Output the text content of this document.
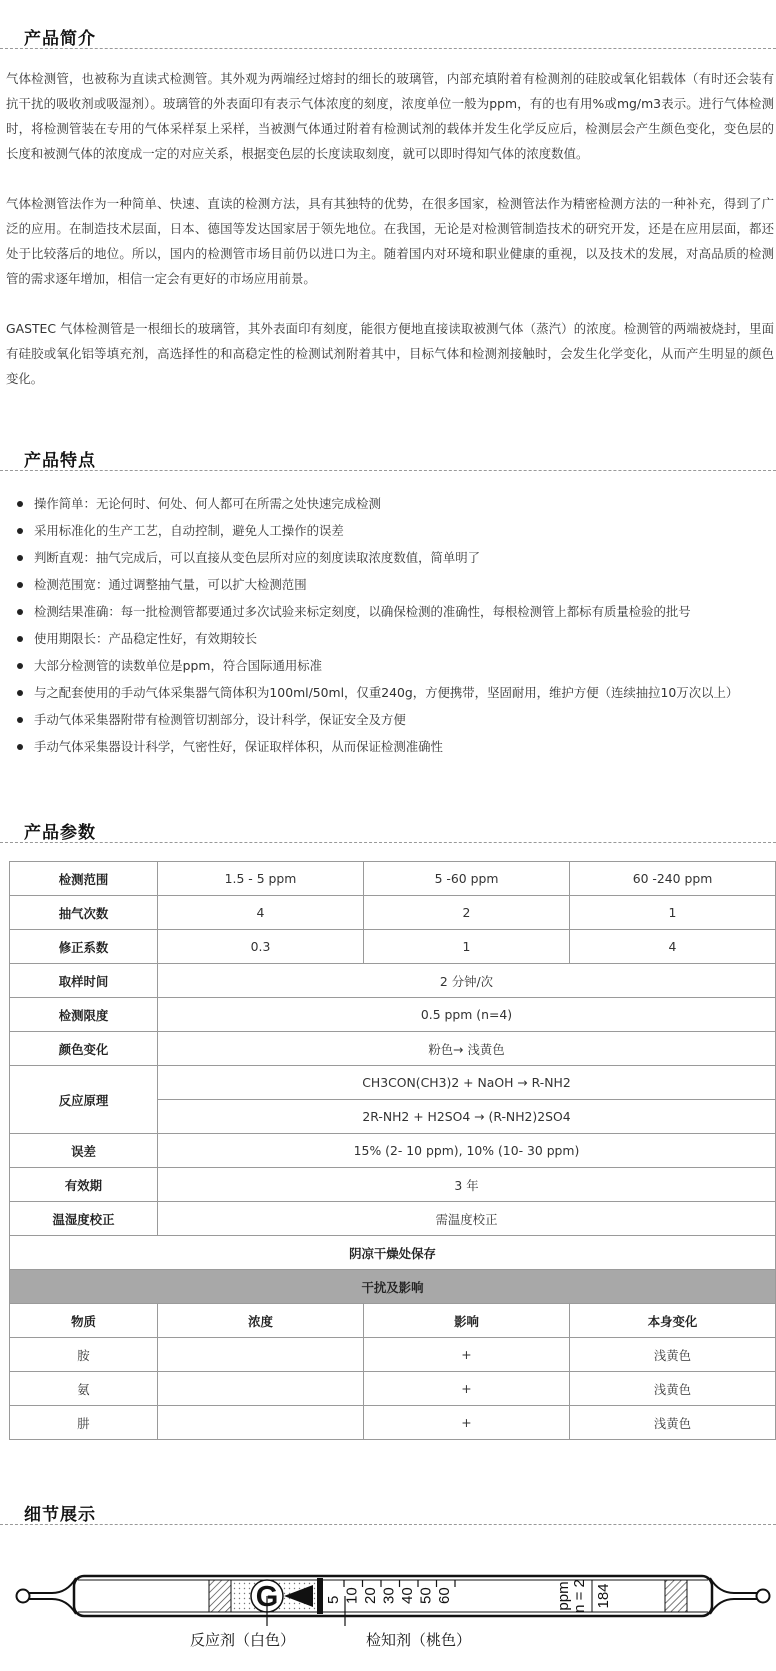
产品简介

气体检测管，也被称为直读式检测管。其外观为两端经过熔封的细长的玻璃管，内部充填附着有检测剂的硅胶或氧化铝载体（有时还会装有抗干扰的吸收剂或吸湿剂）。玻璃管的外表面印有表示气体浓度的刻度，浓度单位一般为ppm，有的也有用%或mg/m3表示。进行气体检测时，将检测管装在专用的气体采样泵上采样，当被测气体通过附着有检测试剂的载体并发生化学反应后，检测层会产生颜色变化，变色层的长度和被测气体的浓度成一定的对应关系，根据变色层的长度读取刻度，就可以即时得知气体的浓度数值。

气体检测管法作为一种简单、快速、直读的检测方法，具有其独特的优势，在很多国家，检测管法作为精密检测方法的一种补充，得到了广泛的应用。在制造技术层面，日本、德国等发达国家居于领先地位。在我国，无论是对检测管制造技术的研究开发，还是在应用层面，都还处于比较落后的地位。所以，国内的检测管市场目前仍以进口为主。随着国内对环境和职业健康的重视，以及技术的发展，对高品质的检测管的需求逐年增加，相信一定会有更好的市场应用前景。

GASTEC 气体检测管是一根细长的玻璃管，其外表面印有刻度，能很方便地直接读取被测气体（蒸汽）的浓度。检测管的两端被烧封，里面有硅胶或氧化铝等填充剂，高选择性的和高稳定性的检测试剂附着其中，目标气体和检测剂接触时，会发生化学变化，从而产生明显的颜色变化。

产品特点
操作简单：无论何时、何处、何人都可在所需之处快速完成检测
采用标准化的生产工艺，自动控制，避免人工操作的误差
判断直观：抽气完成后，可以直接从变色层所对应的刻度读取浓度数值，简单明了
检测范围宽：通过调整抽气量，可以扩大检测范围
检测结果准确：每一批检测管都要通过多次试验来标定刻度，以确保检测的准确性，每根检测管上都标有质量检验的批号
使用期限长：产品稳定性好，有效期较长
大部分检测管的读数单位是ppm，符合国际通用标准
与之配套使用的手动气体采集器气筒体积为100ml/50ml，仅重240g，方便携带，坚固耐用，维护方便（连续抽拉10万次以上）
手动气体采集器附带有检测管切割部分，设计科学，保证安全及方便
手动气体采集器设计科学，气密性好，保证取样体积，从而保证检测准确性
产品参数
检测范围	1.5 - 5 ppm	5 -60 ppm	60 -240 ppm
抽气次数	4	2	1
修正系数	0.3	1	4
取样时间	2 分钟/次		
检测限度	0.5 ppm (n=4)		
颜色变化	粉色→ 浅黄色		
反应原理	CH3CON(CH3)2 + NaOH → R-NH2		
	2R-NH2 + H2SO4 → (R-NH2)2SO4		
误差	15% (2- 10 ppm), 10% (10- 30 ppm)		
有效期	3 年		
温湿度校正	需温度校正		
阴凉干燥处保存			
干扰及影响			
物质	浓度	影响	本身变化
胺		+	浅黄色
氨		+	浅黄色
肼		+	浅黄色
细节展示
G	5 10 20 30 40 50 60	ppm n = 2 184
反应剂（白色）	检知剂（桃色）
